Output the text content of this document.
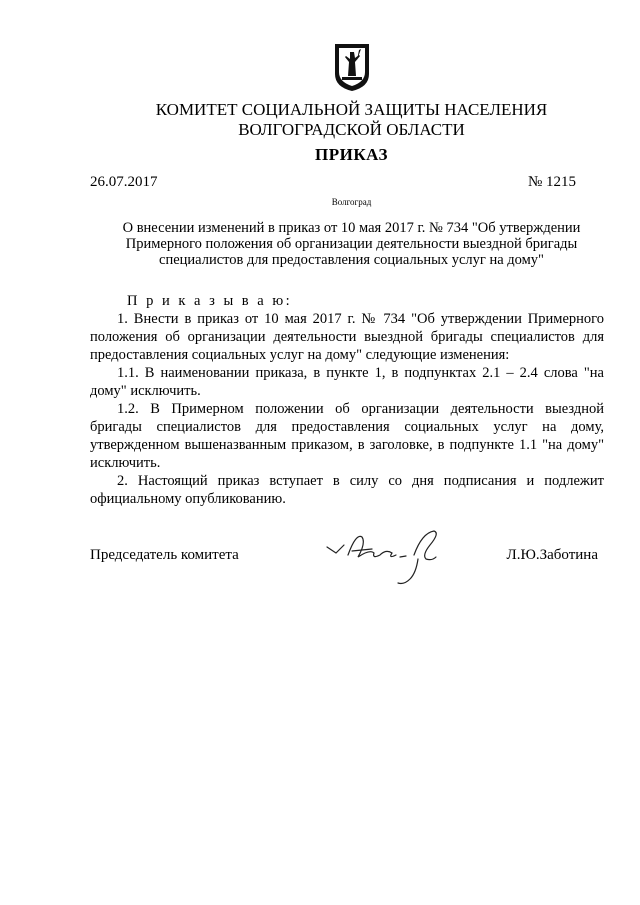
КОМИТЕТ СОЦИАЛЬНОЙ ЗАЩИТЫ НАСЕЛЕНИЯ
ВОЛГОГРАДСКОЙ ОБЛАСТИ
ПРИКАЗ
26.07.2017	№ 1215
Волгоград
О внесении изменений в приказ от 10 мая 2017 г. № 734 "Об утверждении
Примерного положения об организации деятельности выездной бригады
специалистов для предоставления социальных услуг на дому"

П р и к а з ы в а ю:

1. Внести в приказ от 10 мая 2017 г. № 734 "Об утверждении Примерного положения об организации деятельности выездной бригады специалистов для предоставления социальных услуг на дому" следующие изменения:

1.1. В наименовании приказа, в пункте 1, в подпунктах 2.1 – 2.4 слова "на дому" исключить.

1.2. В Примерном положении об организации деятельности выездной бригады специалистов для предоставления социальных услуг на дому, утвержденном вышеназванным приказом, в заголовке, в подпункте 1.1 "на дому" исключить.

2. Настоящий приказ вступает в силу со дня подписания и подлежит официальному опубликованию.

Председатель комитета	Л.Ю.Заботина
